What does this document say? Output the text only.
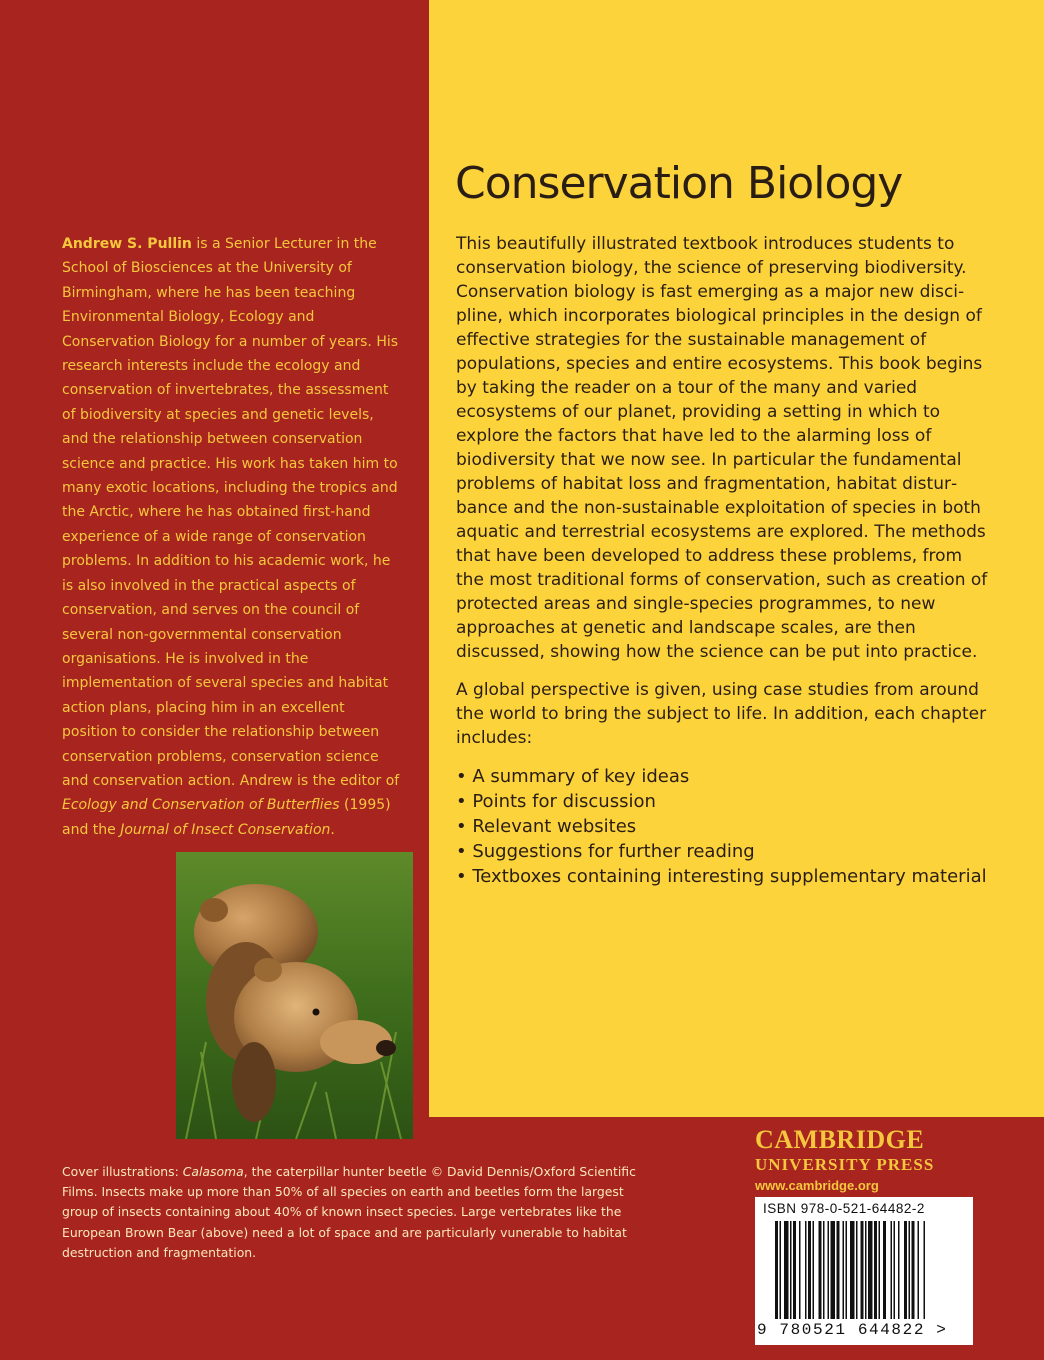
Conservation Biology

This beautifully illustrated textbook introduces students to conservation biology, the science of preserving biodiversity. Conservation biology is fast emerging as a major new discipline, which incorporates biological principles in the design of effective strategies for the sustainable management of populations, species and entire ecosystems. This book begins by taking the reader on a tour of the many and varied ecosystems of our planet, providing a setting in which to explore the factors that have led to the alarming loss of biodiversity that we now see. In particular the fundamental problems of habitat loss and fragmentation, habitat disturbance and the non-sustainable exploitation of species in both aquatic and terrestrial ecosystems are explored. The methods that have been developed to address these problems, from the most traditional forms of conservation, such as creation of protected areas and single-species programmes, to new approaches at genetic and landscape scales, are then discussed, showing how the science can be put into practice.

A global perspective is given, using case studies from around the world to bring the subject to life. In addition, each chapter includes:

• A summary of key ideas
• Points for discussion
• Relevant websites
• Suggestions for further reading
• Textboxes containing interesting supplementary material

Andrew S. Pullin is a Senior Lecturer in the School of Biosciences at the University of Birmingham, where he has been teaching Environmental Biology, Ecology and Conservation Biology for a number of years. His research interests include the ecology and conservation of invertebrates, the assessment of biodiversity at species and genetic levels, and the relationship between conservation science and practice. His work has taken him to many exotic locations, including the tropics and the Arctic, where he has obtained first-hand experience of a wide range of conservation problems. In addition to his academic work, he is also involved in the practical aspects of conservation, and serves on the council of several non-governmental conservation organisations. He is involved in the implementation of several species and habitat action plans, placing him in an excellent position to consider the relationship between conservation problems, conservation science and conservation action. Andrew is the editor of Ecology and Conservation of Butterflies (1995) and the Journal of Insect Conservation.

Cover illustrations: Calasoma, the caterpillar hunter beetle © David Dennis/Oxford Scientific Films. Insects make up more than 50% of all species on earth and beetles form the largest group of insects containing about 40% of known insect species. Large vertebrates like the European Brown Bear (above) need a lot of space and are particularly vunerable to habitat destruction and fragmentation.

CAMBRIDGE
UNIVERSITY PRESS
www.cambridge.org
ISBN 978-0-521-64482-2
9 780521 644822 >
